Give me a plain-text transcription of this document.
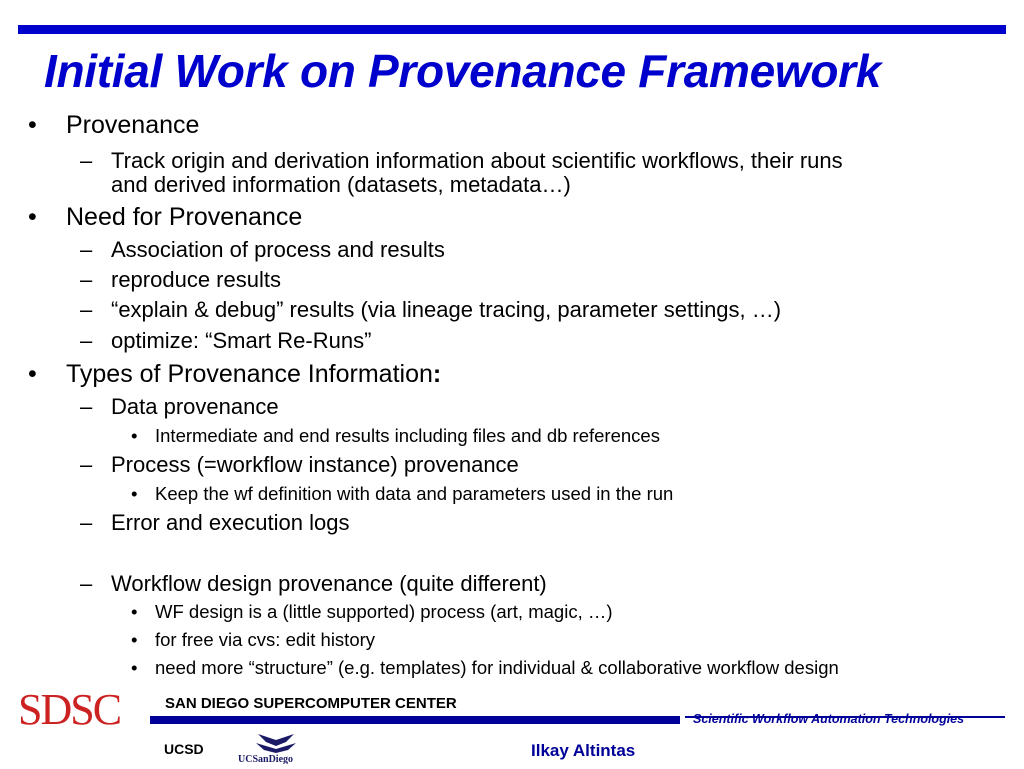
Initial Work on Provenance Framework
• Provenance
– Track origin and derivation information about scientific workflows, their runs
and derived information (datasets, metadata…)
• Need for Provenance
– Association of process and results
– reproduce results
– “explain & debug” results (via lineage tracing, parameter settings, …)
– optimize: “Smart Re-Runs”
• Types of Provenance Information:
– Data provenance
• Intermediate and end results including files and db references
– Process (=workflow instance) provenance
• Keep the wf definition with data and parameters used in the run
– Error and execution logs
– Workflow design provenance (quite different)
• WF design is a (little supported) process (art, magic, …)
• for free via cvs: edit history
• need more “structure” (e.g. templates) for individual & collaborative workflow design
SDSC	SAN DIEGO SUPERCOMPUTER CENTER
Scientific Workflow Automation Technologies
UCSD
UCSanDiego	Ilkay Altintas
